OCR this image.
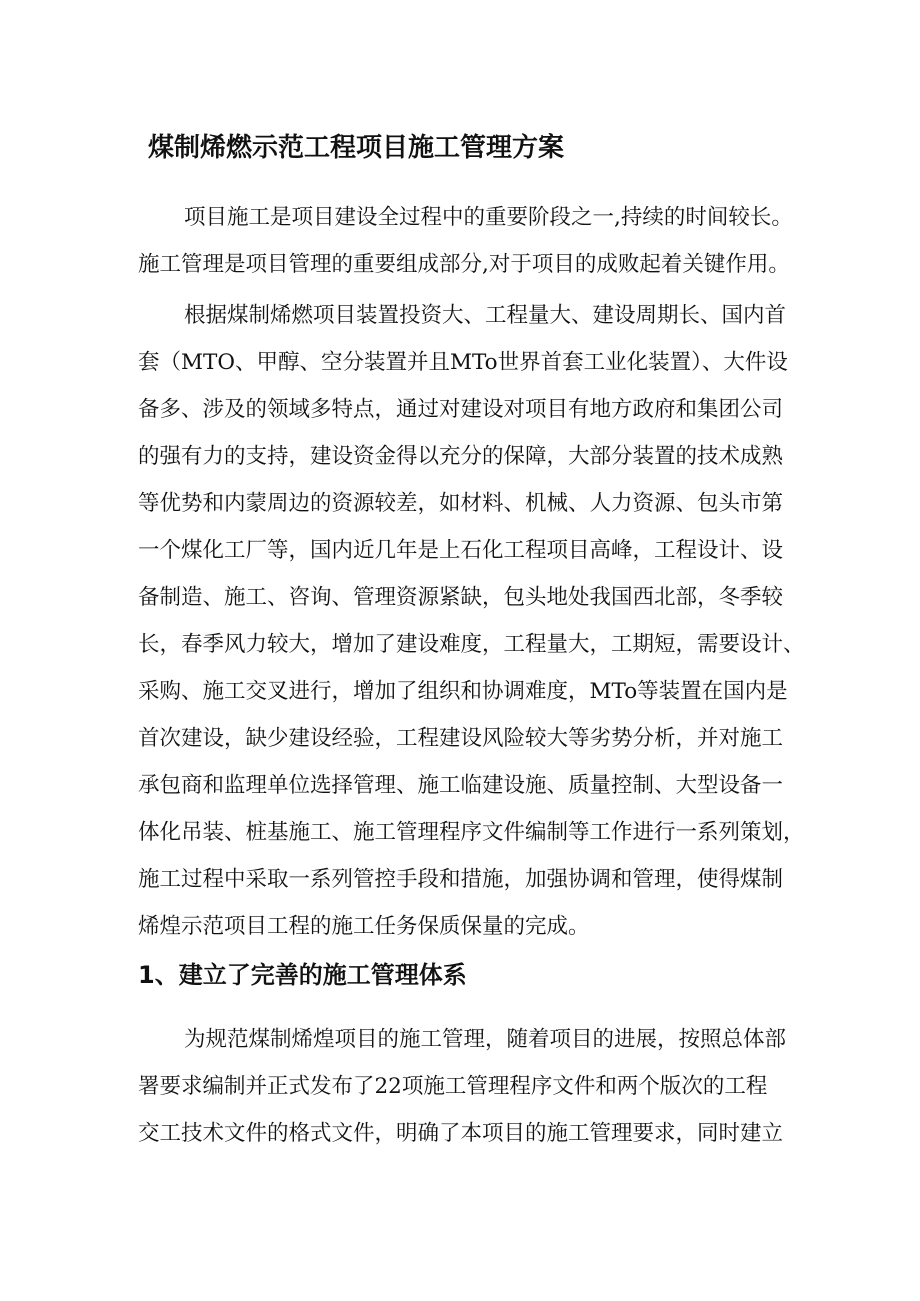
煤制烯燃示范工程项目施工管理方案
项目施工是项目建设全过程中的重要阶段之一,持续的时间较长。
施工管理是项目管理的重要组成部分,对于项目的成败起着关键作用。
根据煤制烯燃项目装置投资大、工程量大、建设周期长、国内首
套（MTO、甲醇、空分装置并且MTo世界首套工业化装置）、大件设
备多、涉及的领域多特点，通过对建设对项目有地方政府和集团公司
的强有力的支持，建设资金得以充分的保障，大部分装置的技术成熟
等优势和内蒙周边的资源较差，如材料、机械、人力资源、包头市第
一个煤化工厂等，国内近几年是上石化工程项目高峰，工程设计、设
备制造、施工、咨询、管理资源紧缺，包头地处我国西北部，冬季较
长，春季风力较大，增加了建设难度，工程量大，工期短，需要设计、
采购、施工交叉进行，增加了组织和协调难度，MTo等装置在国内是
首次建设，缺少建设经验，工程建设风险较大等劣势分析，并对施工
承包商和监理单位选择管理、施工临建设施、质量控制、大型设备一
体化吊装、桩基施工、施工管理程序文件编制等工作进行一系列策划，
施工过程中采取一系列管控手段和措施，加强协调和管理，使得煤制
烯煌示范项目工程的施工任务保质保量的完成。
1、建立了完善的施工管理体系
为规范煤制烯煌项目的施工管理，随着项目的进展，按照总体部
署要求编制并正式发布了22项施工管理程序文件和两个版次的工程
交工技术文件的格式文件，明确了本项目的施工管理要求，同时建立
